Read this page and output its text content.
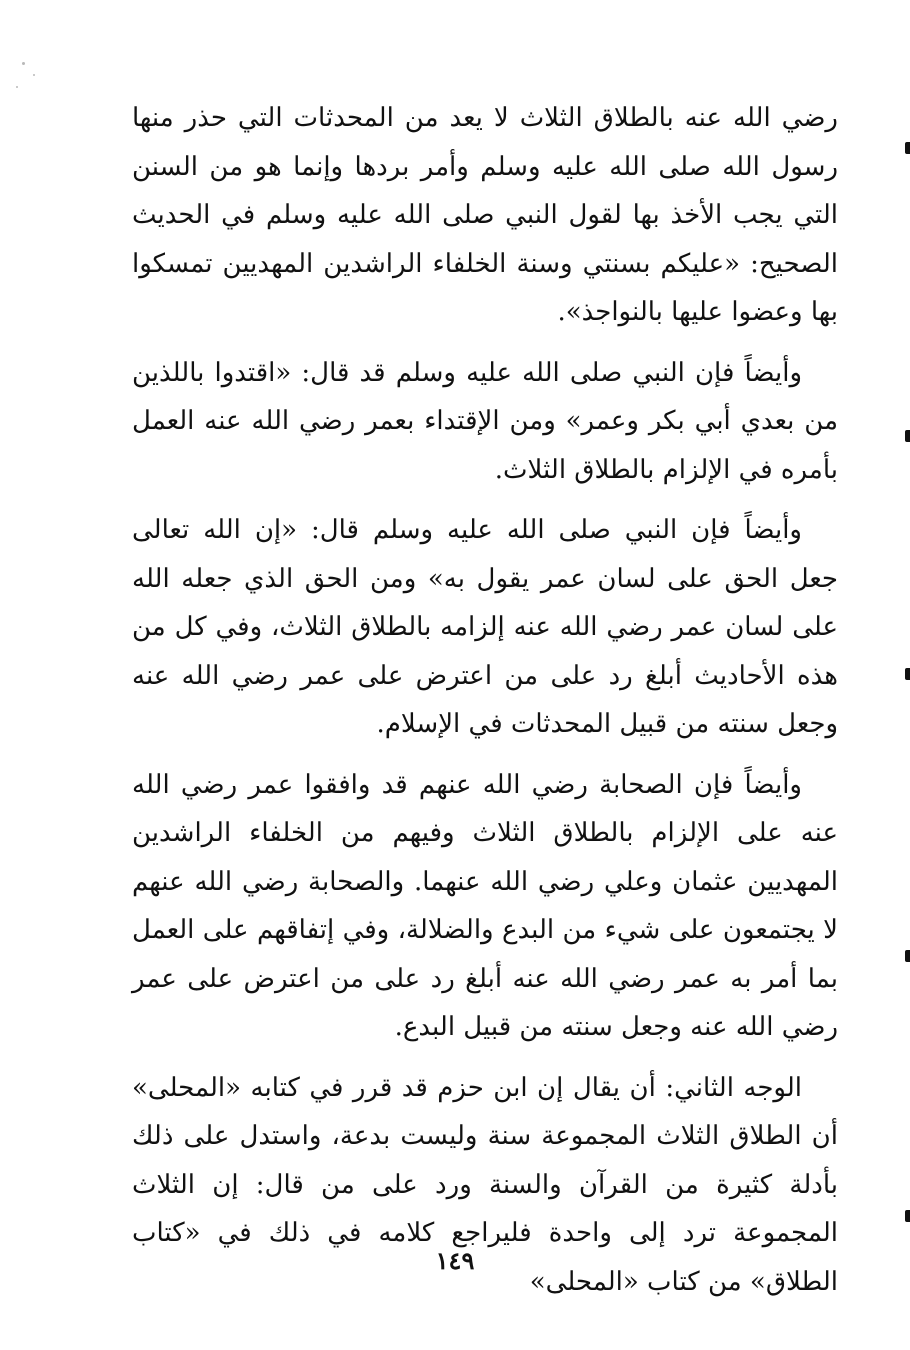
رضي الله عنه بالطلاق الثلاث لا يعد من المحدثات التي حذر منها رسول الله صلى الله عليه وسلم وأمر بردها وإنما هو من السنن التي يجب الأخذ بها لقول النبي صلى الله عليه وسلم في الحديث الصحيح: «عليكم بسنتي وسنة الخلفاء الراشدين المهديين تمسكوا بها وعضوا عليها بالنواجذ».

وأيضاً فإن النبي صلى الله عليه وسلم قد قال: «اقتدوا باللذين من بعدي أبي بكر وعمر» ومن الإقتداء بعمر رضي الله عنه العمل بأمره في الإلزام بالطلاق الثلاث.

وأيضاً فإن النبي صلى الله عليه وسلم قال: «إن الله تعالى جعل الحق على لسان عمر يقول به» ومن الحق الذي جعله الله على لسان عمر رضي الله عنه إلزامه بالطلاق الثلاث، وفي كل من هذه الأحاديث أبلغ رد على من اعترض على عمر رضي الله عنه وجعل سنته من قبيل المحدثات في الإسلام.

وأيضاً فإن الصحابة رضي الله عنهم قد وافقوا عمر رضي الله عنه على الإلزام بالطلاق الثلاث وفيهم من الخلفاء الراشدين المهديين عثمان وعلي رضي الله عنهما. والصحابة رضي الله عنهم لا يجتمعون على شيء من البدع والضلالة، وفي إتفاقهم على العمل بما أمر به عمر رضي الله عنه أبلغ رد على من اعترض على عمر رضي الله عنه وجعل سنته من قبيل البدع.

الوجه الثاني: أن يقال إن ابن حزم قد قرر في كتابه «المحلى» أن الطلاق الثلاث المجموعة سنة وليست بدعة، واستدل على ذلك بأدلة كثيرة من القرآن والسنة ورد على من قال: إن الثلاث المجموعة ترد إلى واحدة فليراجع كلامه في ذلك في «كتاب الطلاق» من كتاب «المحلى»

١٤٩
